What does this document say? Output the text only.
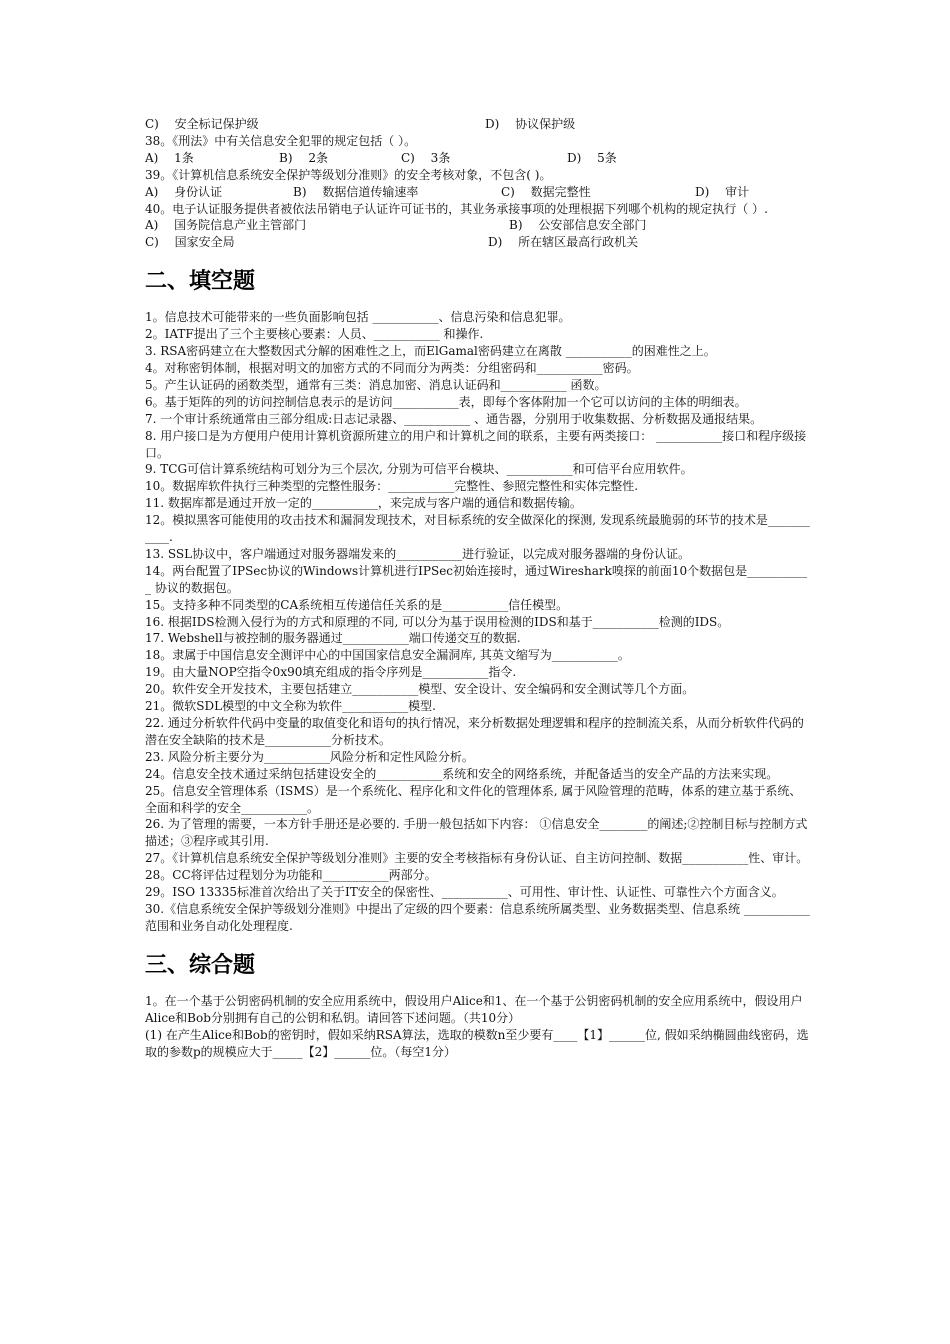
C)　 安全标记保护级	D)　 协议保护级
38。《刑法》中有关信息安全犯罪的规定包括（ ）。
A)　 1条	B)　 2条	C)　 3条	D)　 5条
39。《计算机信息系统安全保护等级划分准则》的安全考核对象，不包含( )。
A)　 身份认证	B)　 数据信道传输速率	C)　 数据完整性	D)　 审计
40。电子认证服务提供者被依法吊销电子认证许可证书的，其业务承接事项的处理根据下列哪个机构的规定执行（ ）.
A)　 国务院信息产业主管部门	B)　 公安部信息安全部门
C)　 国家安全局	D)　 所在辖区最高行政机关
二、填空题
1。信息技术可能带来的一些负面影响包括 ___________、信息污染和信息犯罪。
2。IATF提出了三个主要核心要素：人员、___________ 和操作.
3. RSA密码建立在大整数因式分解的困难性之上，而ElGamal密码建立在离散 ___________的困难性之上。
4。对称密钥体制，根据对明文的加密方式的不同而分为两类：分组密码和___________密码。
5。产生认证码的函数类型，通常有三类：消息加密、消息认证码和___________ 函数。
6。基于矩阵的列的访问控制信息表示的是访问___________表，即每个客体附加一个它可以访问的主体的明细表。
7. 一个审计系统通常由三部分组成:日志记录器、___________ 、通告器，分别用于收集数据、分析数据及通报结果。
8. 用户接口是为方便用户使用计算机资源所建立的用户和计算机之间的联系，主要有两类接口： ___________接口和程序级接口。
9. TCG可信计算系统结构可划分为三个层次, 分别为可信平台模块、___________和可信平台应用软件。
10。数据库软件执行三种类型的完整性服务：___________完整性、参照完整性和实体完整性.
11. 数据库都是通过开放一定的___________，来完成与客户端的通信和数据传输。
12。模拟黑客可能使用的攻击技术和漏洞发现技术，对目标系统的安全做深化的探测, 发现系统最脆弱的环节的技术是___________.
13. SSL协议中，客户端通过对服务器端发来的___________进行验证，以完成对服务器端的身份认证。
14。两台配置了IPSec协议的Windows计算机进行IPSec初始连接时，通过Wireshark嗅探的前面10个数据包是___________ 协议的数据包。
15。支持多种不同类型的CA系统相互传递信任关系的是___________信任模型。
16. 根据IDS检测入侵行为的方式和原理的不同, 可以分为基于误用检测的IDS和基于___________检测的IDS。
17. Webshell与被控制的服务器通过___________端口传递交互的数据.
18。隶属于中国信息安全测评中心的中国国家信息安全漏洞库, 其英文缩写为___________。
19。由大量NOP空指令0x90填充组成的指令序列是___________指令.
20。软件安全开发技术，主要包括建立___________模型、安全设计、安全编码和安全测试等几个方面。
21。微软SDL模型的中文全称为软件___________模型.
22. 通过分析软件代码中变量的取值变化和语句的执行情况，来分析数据处理逻辑和程序的控制流关系，从而分析软件代码的潜在安全缺陷的技术是___________分析技术。
23. 风险分析主要分为___________风险分析和定性风险分析。
24。信息安全技术通过采纳包括建设安全的___________系统和安全的网络系统，并配备适当的安全产品的方法来实现。
25。信息安全管理体系（ISMS）是一个系统化、程序化和文件化的管理体系, 属于风险管理的范畴，体系的建立基于系统、全面和科学的安全___________。
26. 为了管理的需要，一本方针手册还是必要的. 手册一般包括如下内容： ①信息安全________的阐述;②控制目标与控制方式描述；③程序或其引用.
27。《计算机信息系统安全保护等级划分准则》主要的安全考核指标有身份认证、自主访问控制、数据___________性、审计。
28。CC将评估过程划分为功能和___________两部分。
29。ISO 13335标准首次给出了关于IT安全的保密性、___________、可用性、审计性、认证性、可靠性六个方面含义。
30.《信息系统安全保护等级划分准则》中提出了定级的四个要素：信息系统所属类型、业务数据类型、信息系统 ___________范围和业务自动化处理程度.
三、综合题
1。在一个基于公钥密码机制的安全应用系统中，假设用户Alice和1、在一个基于公钥密码机制的安全应用系统中，假设用户Alice和Bob分别拥有自己的公钥和私钥。请回答下述问题。（共10分）
(1) 在产生Alice和Bob的密钥时，假如采纳RSA算法，选取的模数n至少要有____【1】______位, 假如采纳椭圆曲线密码，选取的参数p的规模应大于_____【2】______位。（每空1分）
